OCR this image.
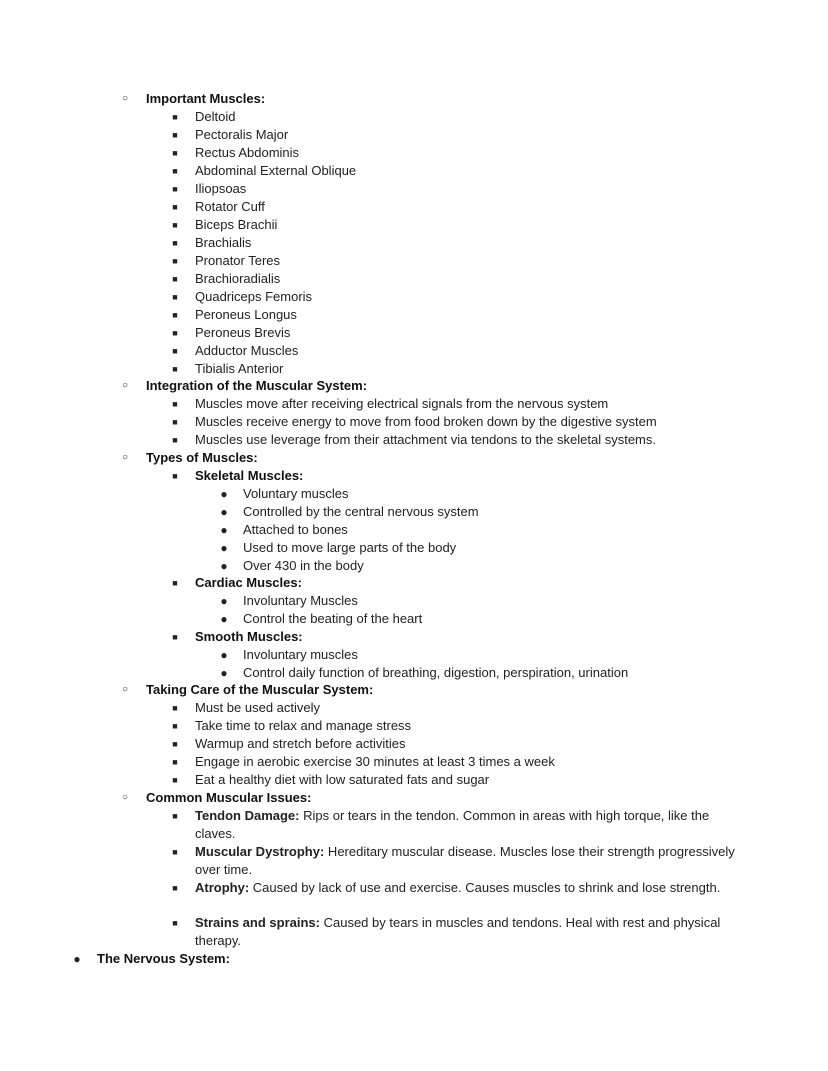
○	Important Muscles:
■	Deltoid
■	Pectoralis Major
■	Rectus Abdominis
■	Abdominal External Oblique
■	Iliopsoas
■	Rotator Cuff
■	Biceps Brachii
■	Brachialis
■	Pronator Teres
■	Brachioradialis
■	Quadriceps Femoris
■	Peroneus Longus
■	Peroneus Brevis
■	Adductor Muscles
■	Tibialis Anterior
○	Integration of the Muscular System:
■	Muscles move after receiving electrical signals from the nervous system
■	Muscles receive energy to move from food broken down by the digestive system
■	Muscles use leverage from their attachment via tendons to the skeletal systems.
○	Types of Muscles:
■	Skeletal Muscles:
●	Voluntary muscles
●	Controlled by the central nervous system
●	Attached to bones
●	Used to move large parts of the body
●	Over 430 in the body
■	Cardiac Muscles:
●	Involuntary Muscles
●	Control the beating of the heart
■	Smooth Muscles:
●	Involuntary muscles
●	Control daily function of breathing, digestion, perspiration, urination
○	Taking Care of the Muscular System:
■	Must be used actively
■	Take time to relax and manage stress
■	Warmup and stretch before activities
■	Engage in aerobic exercise 30 minutes at least 3 times a week
■	Eat a healthy diet with low saturated fats and sugar
○	Common Muscular Issues:
■	Tendon Damage: Rips or tears in the tendon. Common in areas with high torque, like the claves.
■	Muscular Dystrophy: Hereditary muscular disease. Muscles lose their strength progressively over time.
■	Atrophy: Caused by lack of use and exercise. Causes muscles to shrink and lose strength.
■	Strains and sprains: Caused by tears in muscles and tendons. Heal with rest and physical therapy.
●	The Nervous System:
